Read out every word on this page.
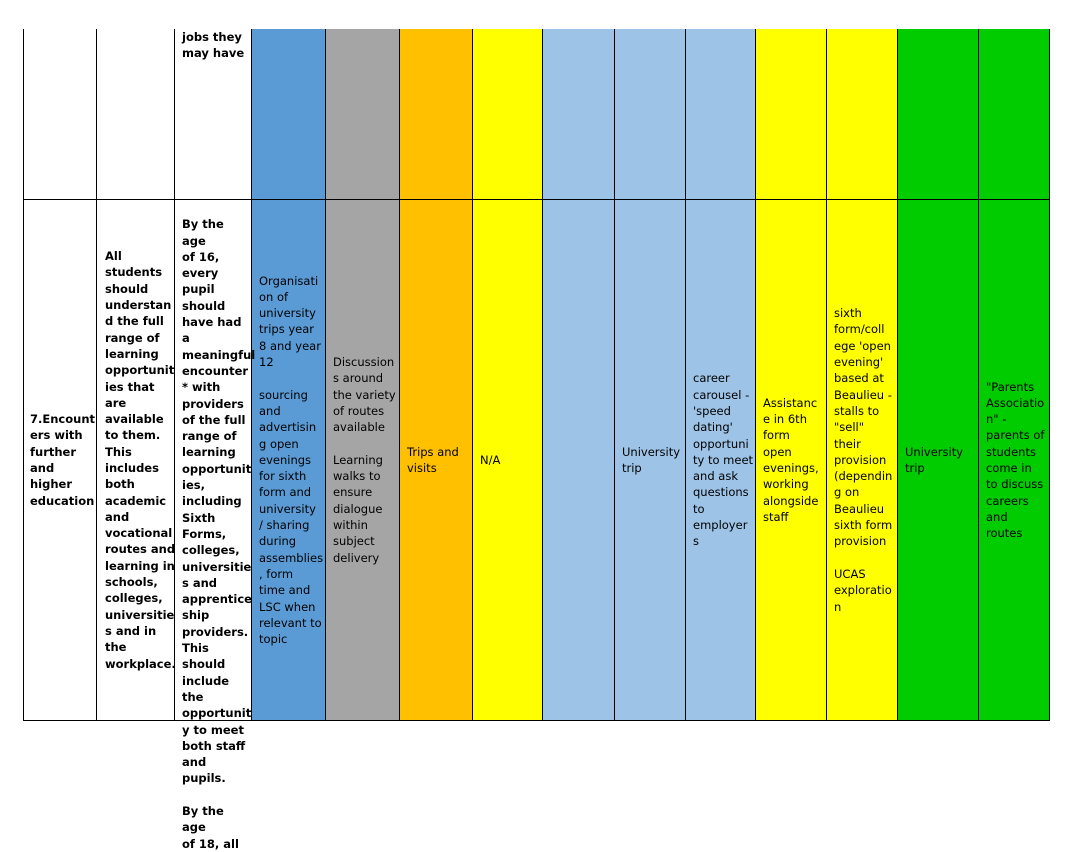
jobs they
may have
7.Encount
ers with
further
and
higher
education
All
students
should
understan
d the full
range of
learning
opportunit
ies that are
available
to them.
This
includes
both
academic
and
vocational
routes and
learning in
schools,
colleges,
universitie
s and in
the
workplace.

By the age
of 16,
every pupil
should
have had a
meaningful
encounter
* with
providers
of the full
range of
learning
opportunit
ies,
including
Sixth
Forms,
colleges,
universitie
s and
apprentice
ship
providers.
This should
include the
opportunit
y to meet
both staff
and pupils.

By the age
of 18, all

Organisati
on of
university
trips year
8 and year
12

sourcing
and
advertisin
g open
evenings
for sixth
form and
university
/ sharing
during
assemblies
, form
time and
LSC when
relevant to
topic
Discussion
s around
the variety
of routes
available

Learning
walks to
ensure
dialogue
within
subject
delivery
Trips and
visits
N/A
University
trip
career
carousel -
'speed
dating'
opportuni
ty to meet
and ask
questions
to
employer
s
Assistanc
e in 6th
form
open
evenings,
working
alongside
staff
sixth
form/coll
ege 'open
evening'
based at
Beaulieu -
stalls to
"sell"
their
provision
(dependin
g on
Beaulieu
sixth form
provision

UCAS
exploratio
n
University
trip
"Parents
Associatio
n" -
parents of
students
come in
to discuss
careers
and
routes
